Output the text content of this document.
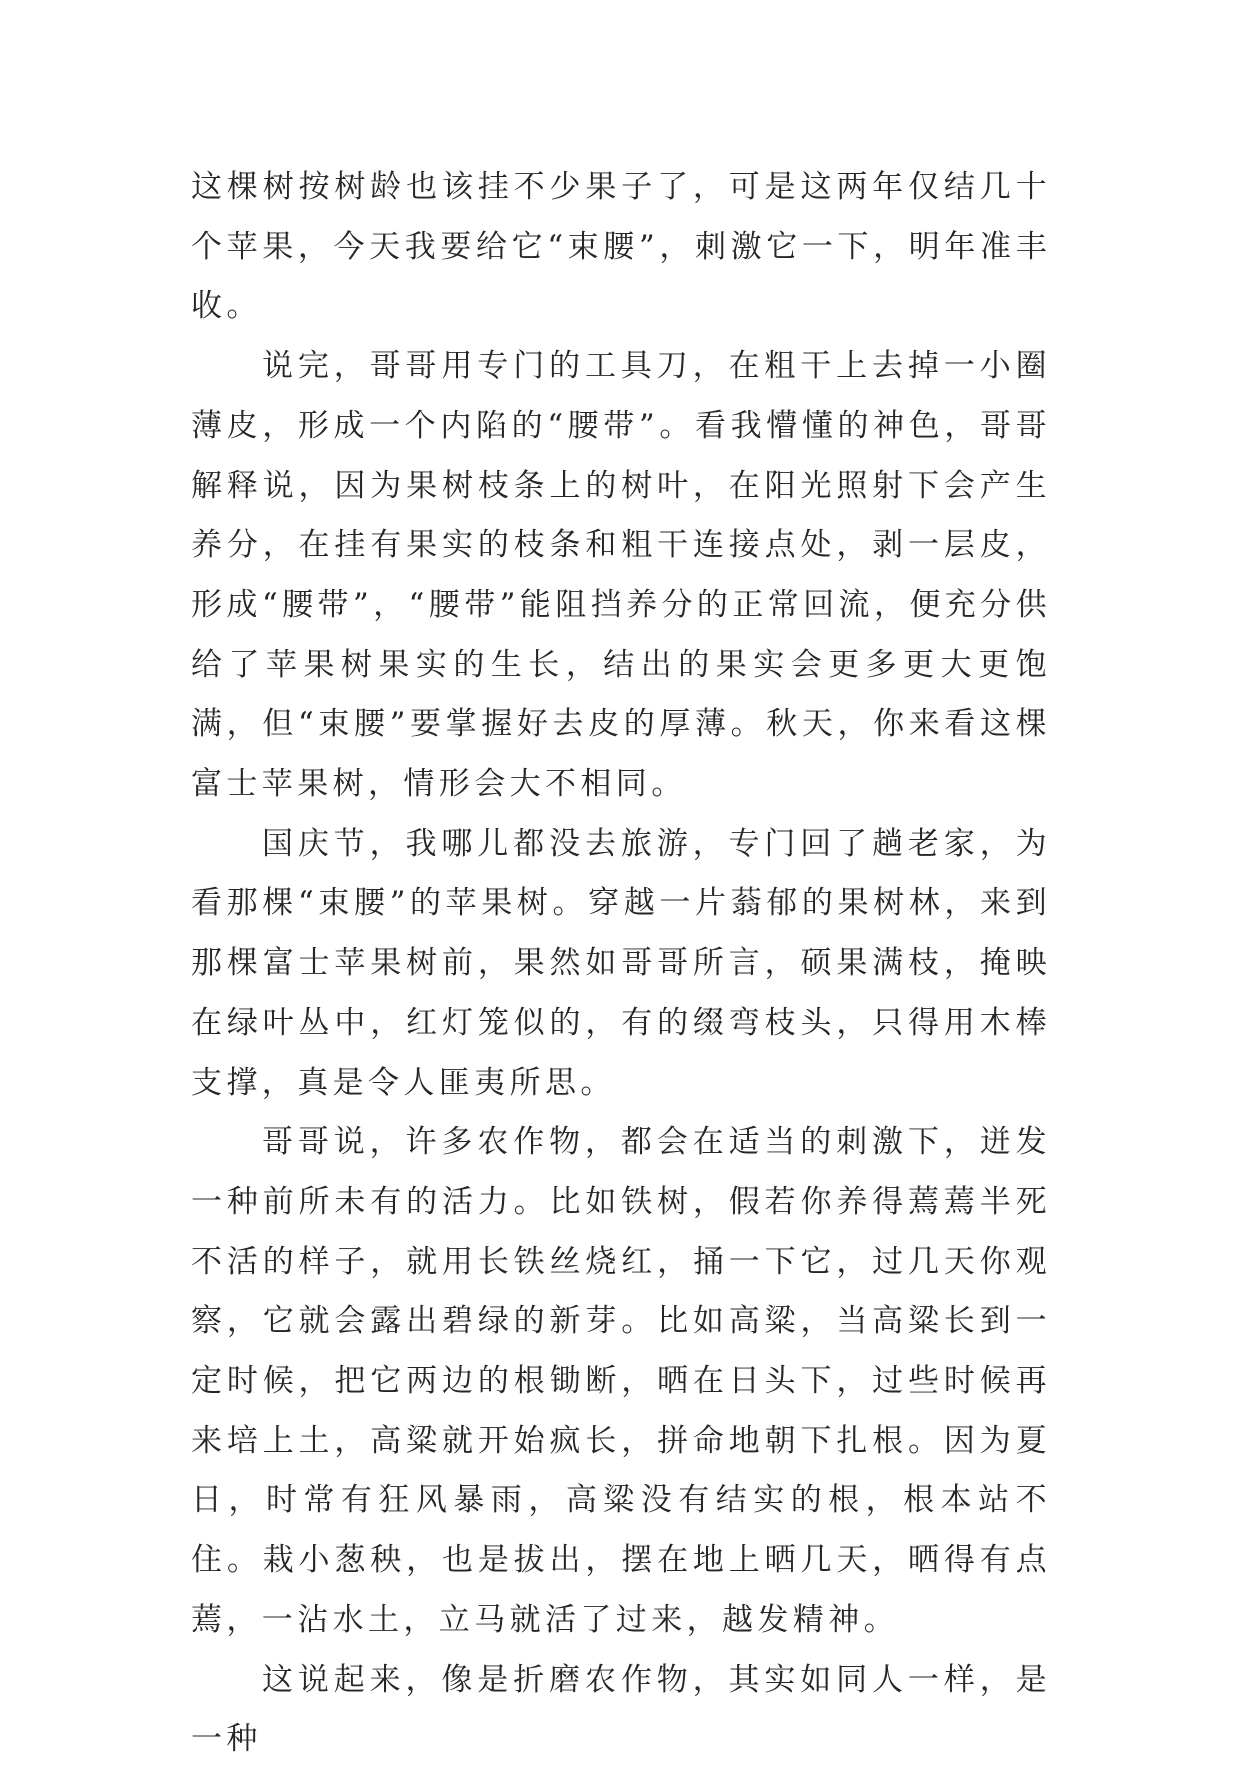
这棵树按树龄也该挂不少果子了，可是这两年仅结几十个苹果，今天我要给它“束腰”，刺激它一下，明年准丰收。

说完，哥哥用专门的工具刀，在粗干上去掉一小圈薄皮，形成一个内陷的“腰带”。看我懵懂的神色，哥哥解释说，因为果树枝条上的树叶，在阳光照射下会产生养分，在挂有果实的枝条和粗干连接点处，剥一层皮，形成“腰带”，“腰带”能阻挡养分的正常回流，便充分供给了苹果树果实的生长，结出的果实会更多更大更饱满，但“束腰”要掌握好去皮的厚薄。秋天，你来看这棵富士苹果树，情形会大不相同。

国庆节，我哪儿都没去旅游，专门回了趟老家，为看那棵“束腰”的苹果树。穿越一片蓊郁的果树林，来到那棵富士苹果树前，果然如哥哥所言，硕果满枝，掩映在绿叶丛中，红灯笼似的，有的缀弯枝头，只得用木棒支撑，真是令人匪夷所思。

哥哥说，许多农作物，都会在适当的刺激下，迸发一种前所未有的活力。比如铁树，假若你养得蔫蔫半死不活的样子，就用长铁丝烧红，捅一下它，过几天你观察，它就会露出碧绿的新芽。比如高粱，当高粱长到一定时候，把它两边的根锄断，晒在日头下，过些时候再来培上土，高粱就开始疯长，拼命地朝下扎根。因为夏日，时常有狂风暴雨，高粱没有结实的根，根本站不住。栽小葱秧，也是拔出，摆在地上晒几天，晒得有点蔫，一沾水土，立马就活了过来，越发精神。

这说起来，像是折磨农作物，其实如同人一样，是一种
